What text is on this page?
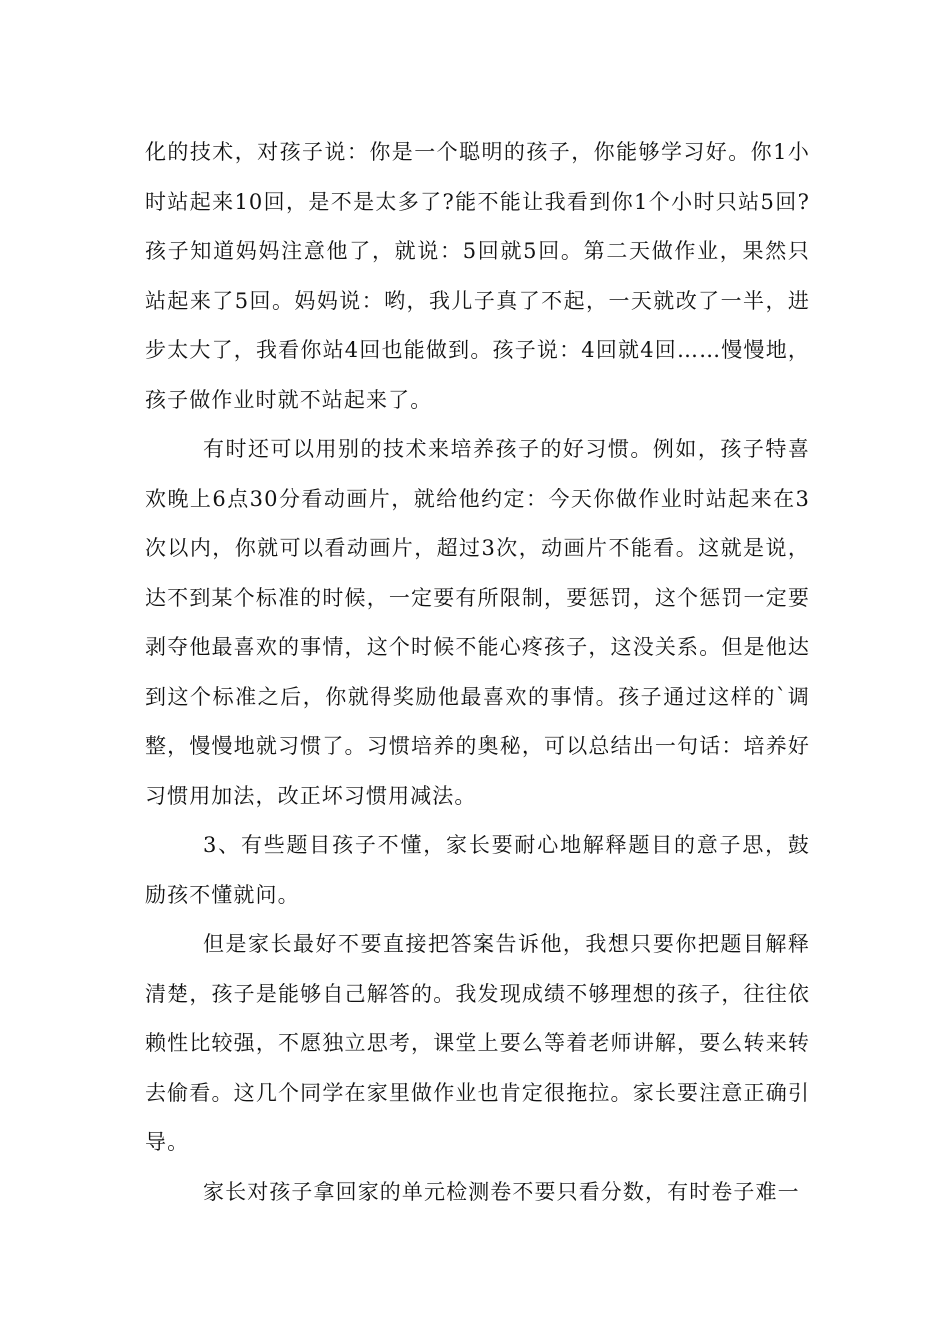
化的技术，对孩子说：你是一个聪明的孩子，你能够学习好。你1小时站起来10回，是不是太多了?能不能让我看到你1个小时只站5回?孩子知道妈妈注意他了，就说：5回就5回。第二天做作业，果然只站起来了5回。妈妈说：哟，我儿子真了不起，一天就改了一半，进步太大了，我看你站4回也能做到。孩子说：4回就4回……慢慢地，孩子做作业时就不站起来了。

有时还可以用别的技术来培养孩子的好习惯。例如，孩子特喜欢晚上6点30分看动画片，就给他约定：今天你做作业时站起来在3次以内，你就可以看动画片，超过3次，动画片不能看。这就是说，达不到某个标准的时候，一定要有所限制，要惩罚，这个惩罚一定要剥夺他最喜欢的事情，这个时候不能心疼孩子，这没关系。但是他达到这个标准之后，你就得奖励他最喜欢的事情。孩子通过这样的`调整，慢慢地就习惯了。习惯培养的奥秘，可以总结出一句话：培养好习惯用加法，改正坏习惯用减法。

3、有些题目孩子不懂，家长要耐心地解释题目的意子思，鼓励孩不懂就问。

但是家长最好不要直接把答案告诉他，我想只要你把题目解释清楚，孩子是能够自己解答的。我发现成绩不够理想的孩子，往往依赖性比较强，不愿独立思考，课堂上要么等着老师讲解，要么转来转去偷看。这几个同学在家里做作业也肯定很拖拉。家长要注意正确引导。

家长对孩子拿回家的单元检测卷不要只看分数，有时卷子难一
